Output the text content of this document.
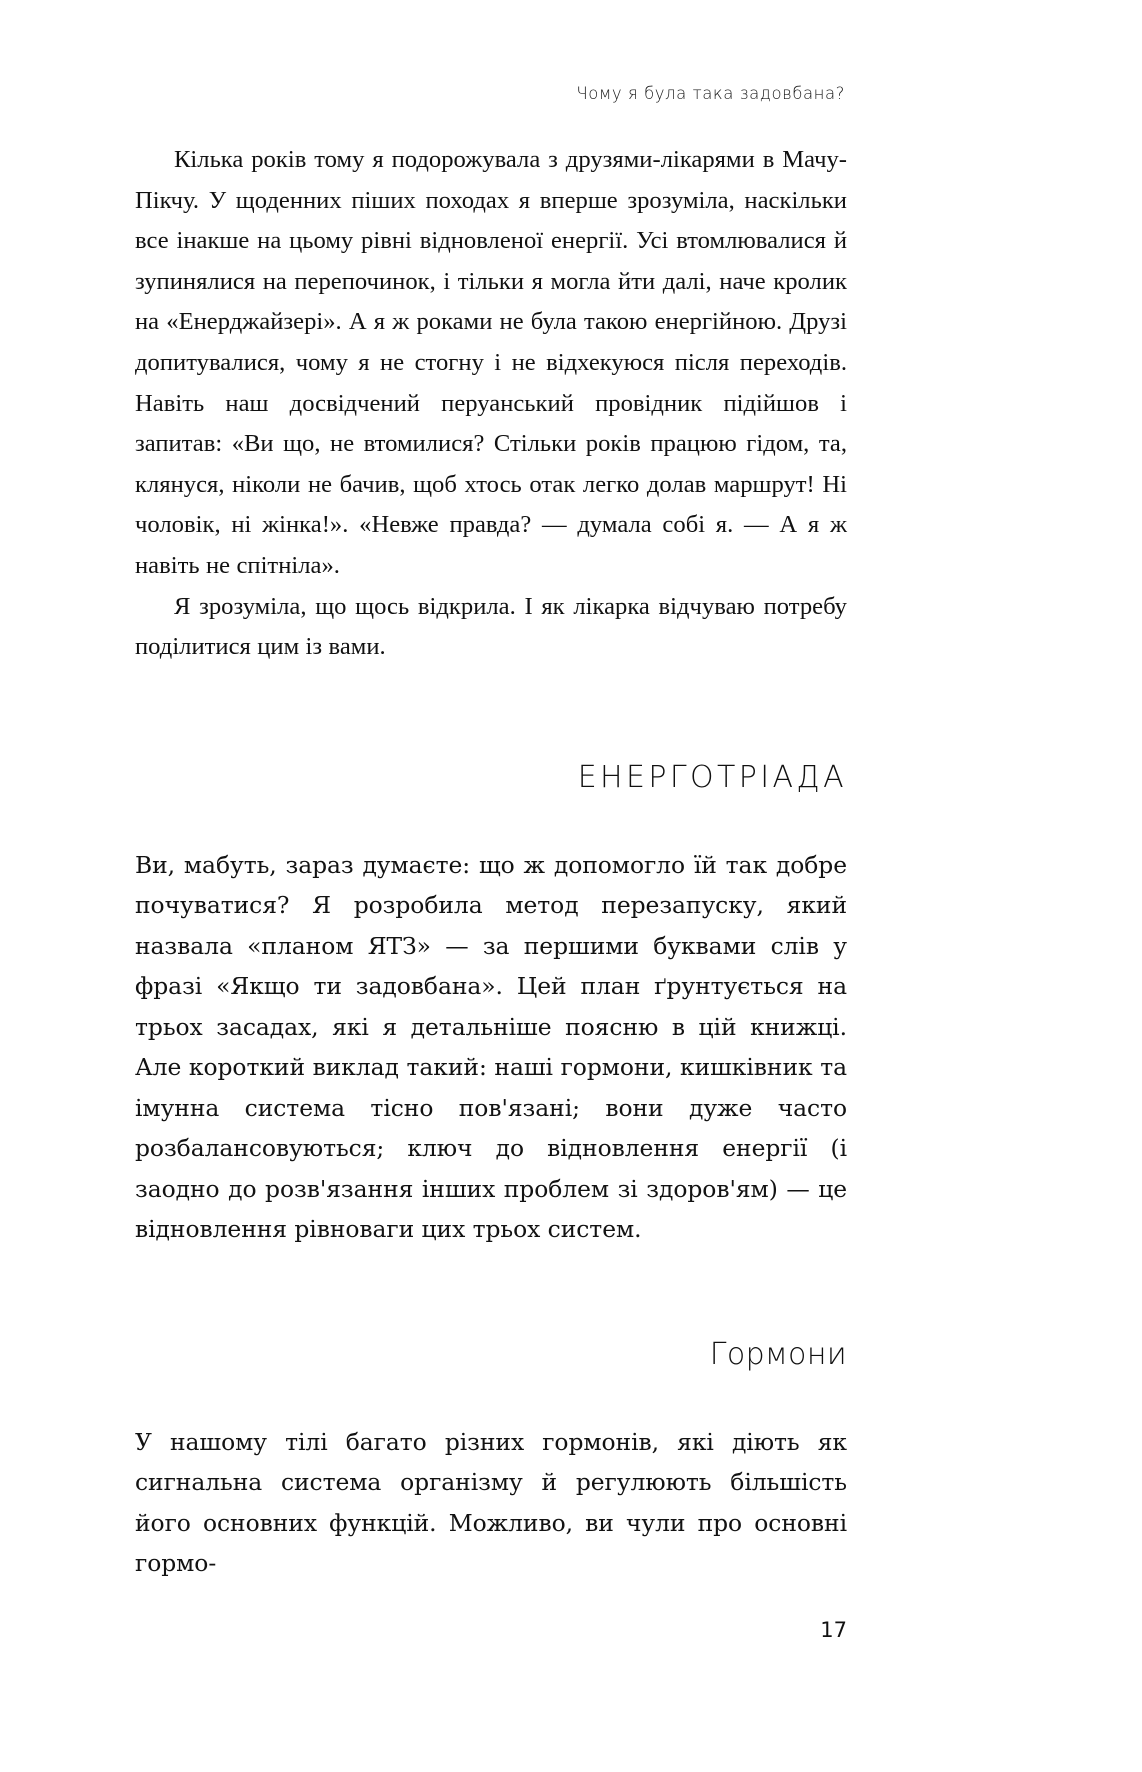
Чому я була така задовбана?

Кілька років тому я подорожувала з друзями-лікарями в Мачу-Пікчу. У щоденних піших походах я вперше зрозуміла, наскільки все інакше на цьому рівні відновленої енергії. Усі втомлювалися й зупинялися на перепочинок, і тільки я могла йти далі, наче кролик на «Енерджайзері». А я ж роками не була такою енергійною. Друзі допитувалися, чому я не стогну і не відхекуюся після переходів. Навіть наш досвідчений перуанський провідник підійшов і запитав: «Ви що, не втомилися? Стільки років працюю гідом, та, клянуся, ніколи не бачив, щоб хтось отак легко долав маршрут! Ні чоловік, ні жінка!». «Невже правда? — думала собі я. — А я ж навіть не спітніла».

Я зрозуміла, що щось відкрила. І як лікарка відчуваю потребу поділитися цим із вами.

ЕНЕРГОТРІАДА

Ви, мабуть, зараз думаєте: що ж допомогло їй так добре почуватися? Я розробила метод перезапуску, який назвала «планом ЯТЗ» — за першими буквами слів у фразі «Якщо ти задовбана». Цей план ґрунтується на трьох засадах, які я детальніше поясню в цій книжці. Але короткий виклад такий: наші гормони, кишківник та імунна система тісно пов'язані; вони дуже часто розбалансовуються; ключ до відновлення енергії (і заодно до розв'язання інших проблем зі здоров'ям) — це відновлення рівноваги цих трьох систем.

Гормони

У нашому тілі багато різних гормонів, які діють як сигнальна система організму й регулюють більшість його основних функцій. Можливо, ви чули про основні гормо-

17
